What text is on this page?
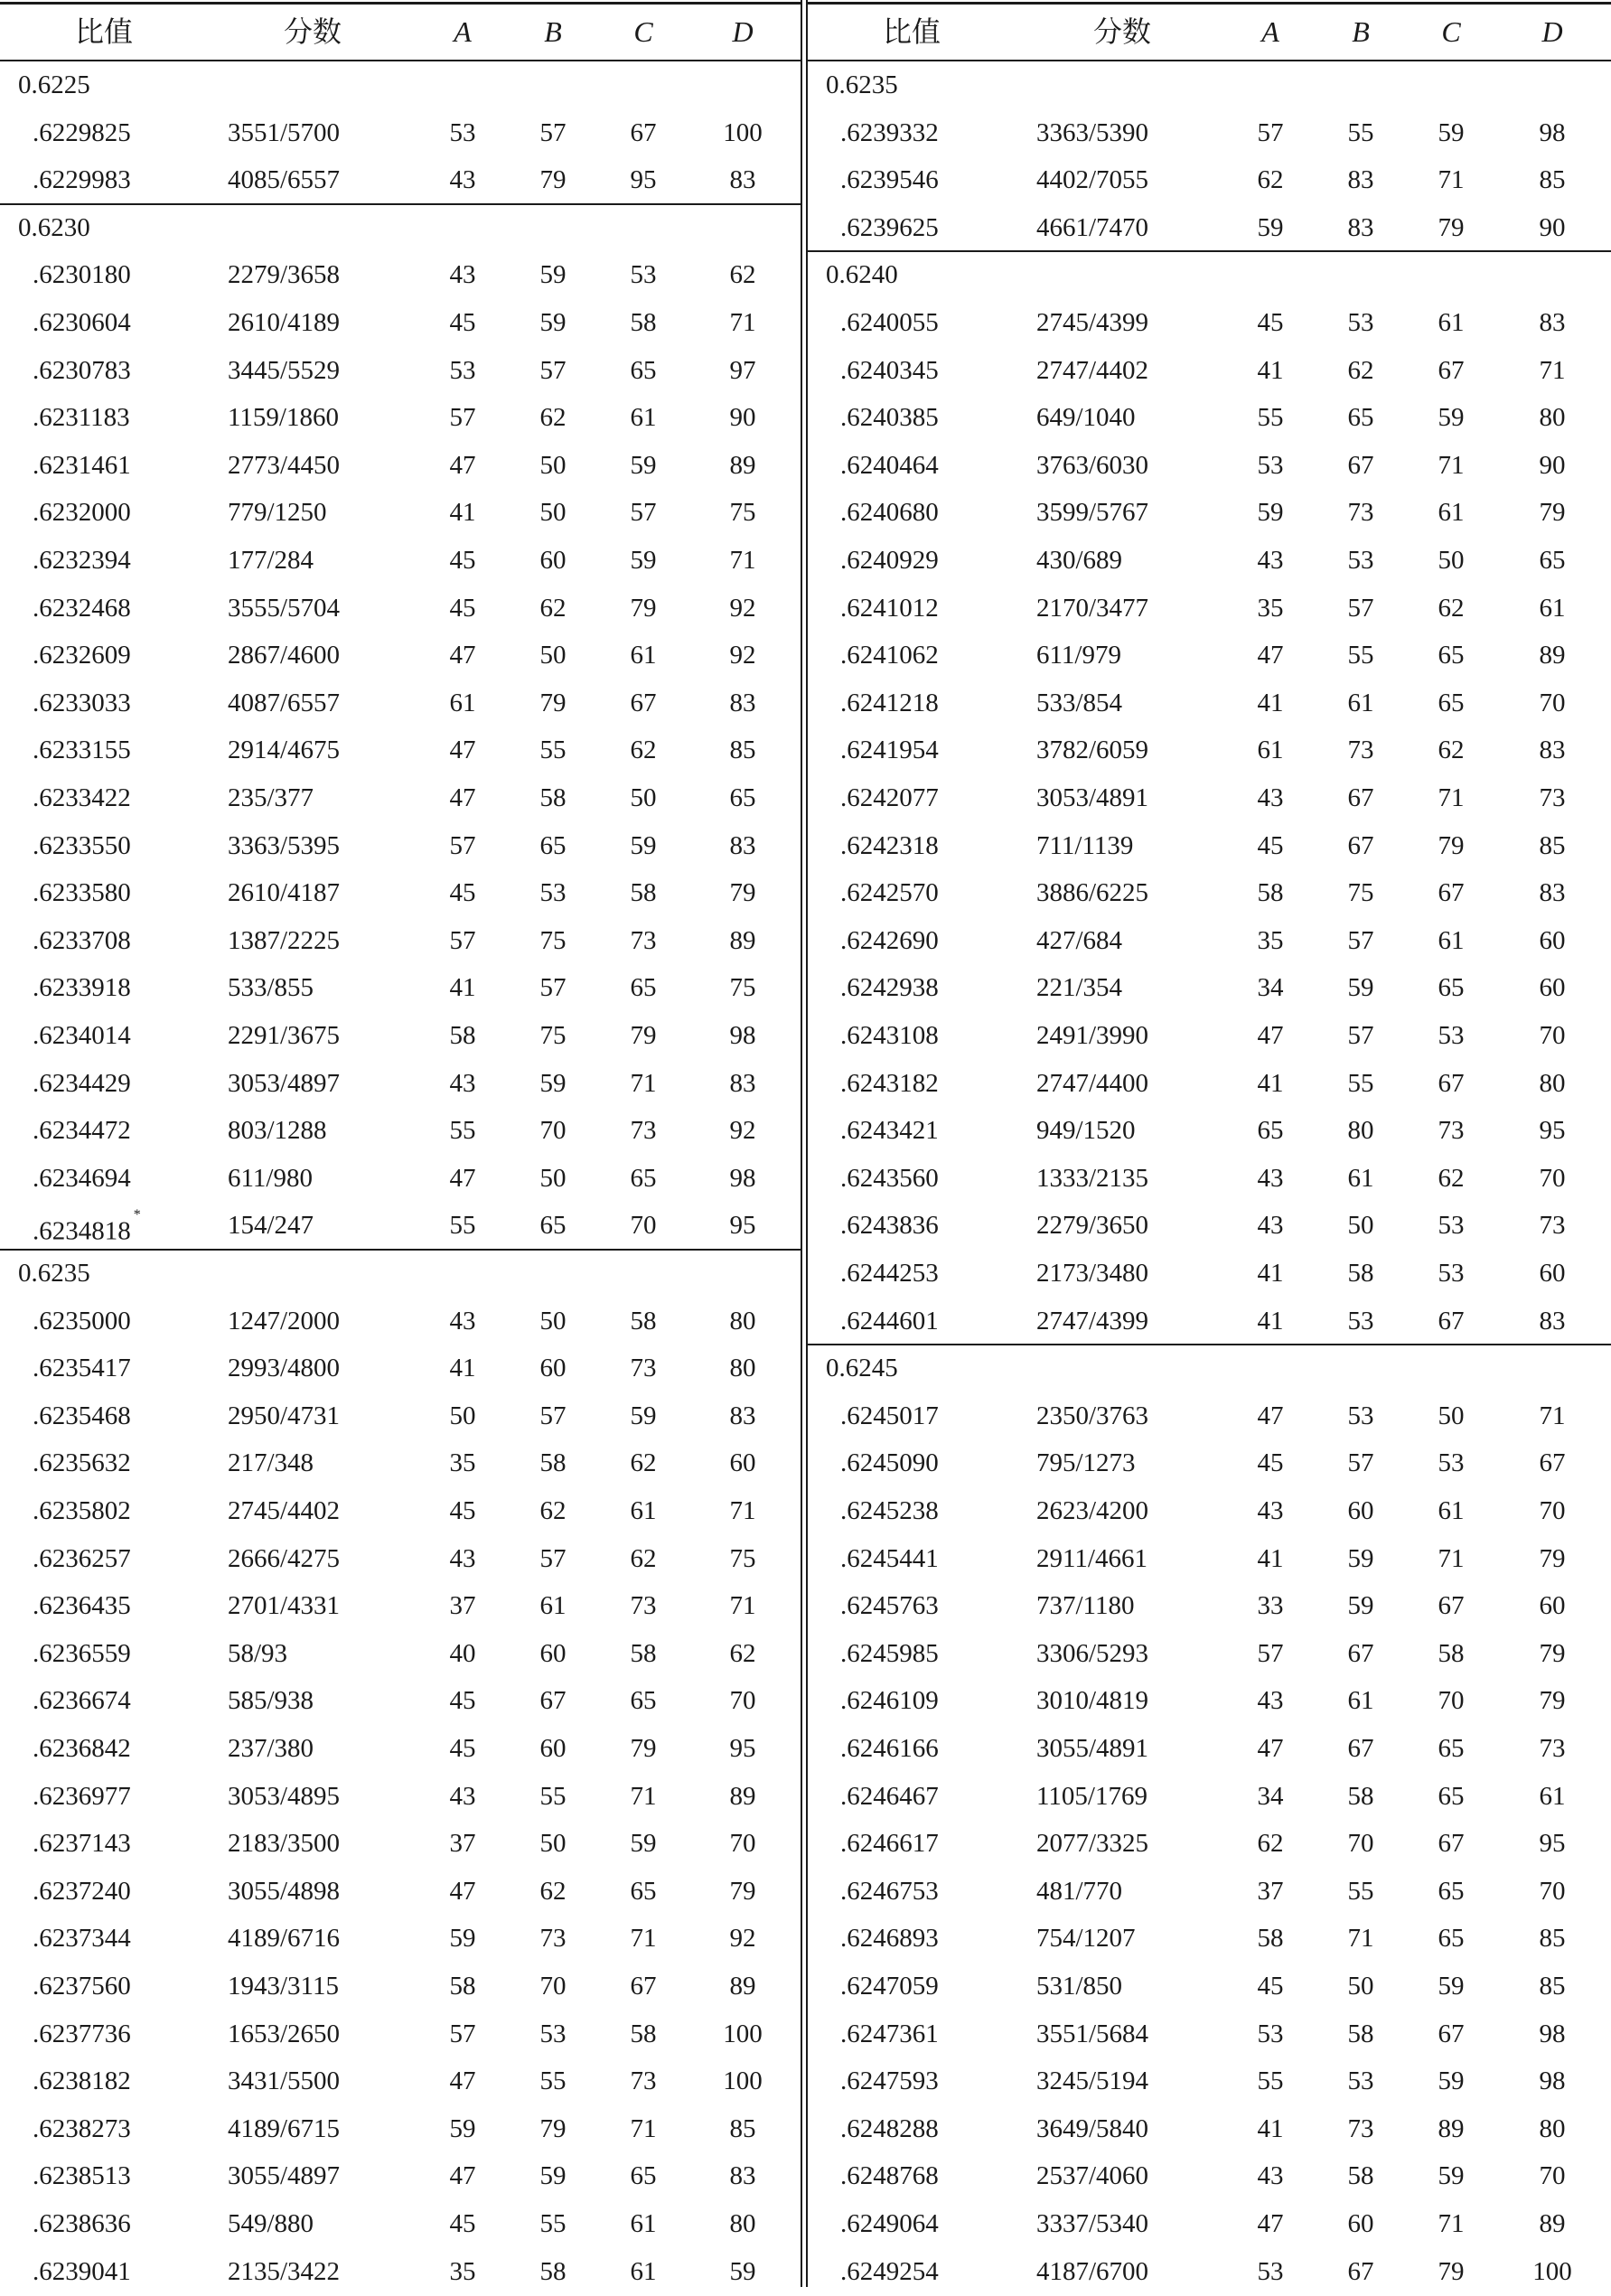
比值	分数	A	B	C	D
0.6225
.6229825	3551/5700	53	57	67	100
.6229983	4085/6557	43	79	95	83
0.6230
.6230180	2279/3658	43	59	53	62
.6230604	2610/4189	45	59	58	71
.6230783	3445/5529	53	57	65	97
.6231183	1159/1860	57	62	61	90
.6231461	2773/4450	47	50	59	89
.6232000	779/1250	41	50	57	75
.6232394	177/284	45	60	59	71
.6232468	3555/5704	45	62	79	92
.6232609	2867/4600	47	50	61	92
.6233033	4087/6557	61	79	67	83
.6233155	2914/4675	47	55	62	85
.6233422	235/377	47	58	50	65
.6233550	3363/5395	57	65	59	83
.6233580	2610/4187	45	53	58	79
.6233708	1387/2225	57	75	73	89
.6233918	533/855	41	57	65	75
.6234014	2291/3675	58	75	79	98
.6234429	3053/4897	43	59	71	83
.6234472	803/1288	55	70	73	92
.6234694	611/980	47	50	65	98
.6234818*	154/247	55	65	70	95
0.6235
.6235000	1247/2000	43	50	58	80
.6235417	2993/4800	41	60	73	80
.6235468	2950/4731	50	57	59	83
.6235632	217/348	35	58	62	60
.6235802	2745/4402	45	62	61	71
.6236257	2666/4275	43	57	62	75
.6236435	2701/4331	37	61	73	71
.6236559	58/93	40	60	58	62
.6236674	585/938	45	67	65	70
.6236842	237/380	45	60	79	95
.6236977	3053/4895	43	55	71	89
.6237143	2183/3500	37	50	59	70
.6237240	3055/4898	47	62	65	79
.6237344	4189/6716	59	73	71	92
.6237560	1943/3115	58	70	67	89
.6237736	1653/2650	57	53	58	100
.6238182	3431/5500	47	55	73	100
.6238273	4189/6715	59	79	71	85
.6238513	3055/4897	47	59	65	83
.6238636	549/880	45	55	61	80
.6239041	2135/3422	35	58	61	59
比值	分数	A	B	C	D
0.6235
.6239332	3363/5390	57	55	59	98
.6239546	4402/7055	62	83	71	85
.6239625	4661/7470	59	83	79	90
0.6240
.6240055	2745/4399	45	53	61	83
.6240345	2747/4402	41	62	67	71
.6240385	649/1040	55	65	59	80
.6240464	3763/6030	53	67	71	90
.6240680	3599/5767	59	73	61	79
.6240929	430/689	43	53	50	65
.6241012	2170/3477	35	57	62	61
.6241062	611/979	47	55	65	89
.6241218	533/854	41	61	65	70
.6241954	3782/6059	61	73	62	83
.6242077	3053/4891	43	67	71	73
.6242318	711/1139	45	67	79	85
.6242570	3886/6225	58	75	67	83
.6242690	427/684	35	57	61	60
.6242938	221/354	34	59	65	60
.6243108	2491/3990	47	57	53	70
.6243182	2747/4400	41	55	67	80
.6243421	949/1520	65	80	73	95
.6243560	1333/2135	43	61	62	70
.6243836	2279/3650	43	50	53	73
.6244253	2173/3480	41	58	53	60
.6244601	2747/4399	41	53	67	83
0.6245
.6245017	2350/3763	47	53	50	71
.6245090	795/1273	45	57	53	67
.6245238	2623/4200	43	60	61	70
.6245441	2911/4661	41	59	71	79
.6245763	737/1180	33	59	67	60
.6245985	3306/5293	57	67	58	79
.6246109	3010/4819	43	61	70	79
.6246166	3055/4891	47	67	65	73
.6246467	1105/1769	34	58	65	61
.6246617	2077/3325	62	70	67	95
.6246753	481/770	37	55	65	70
.6246893	754/1207	58	71	65	85
.6247059	531/850	45	50	59	85
.6247361	3551/5684	53	58	67	98
.6247593	3245/5194	55	53	59	98
.6248288	3649/5840	41	73	89	80
.6248768	2537/4060	43	58	59	70
.6249064	3337/5340	47	60	71	89
.6249254	4187/6700	53	67	79	100
